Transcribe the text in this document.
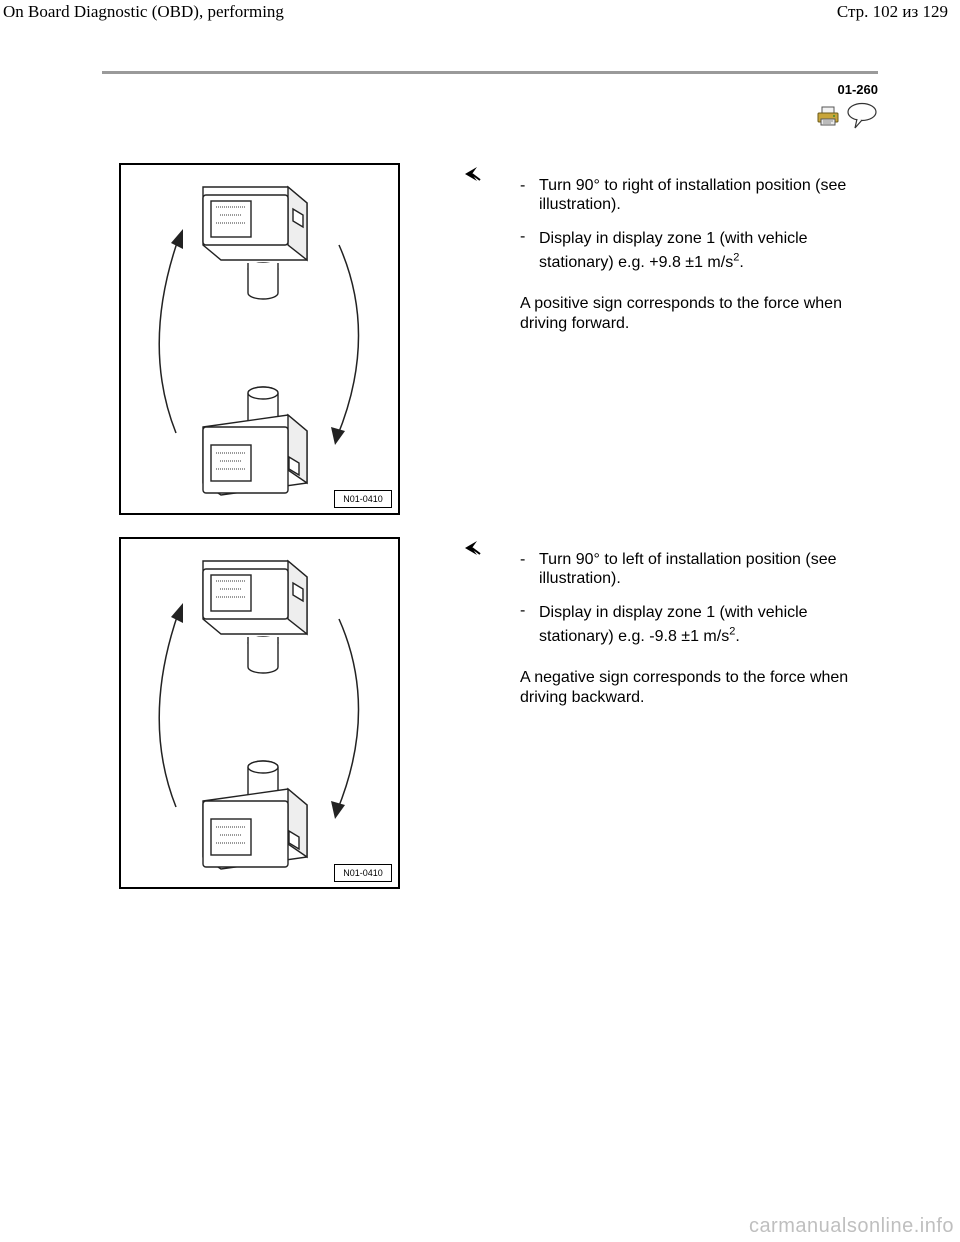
On Board Diagnostic (OBD), performing	Стр. 102 из 129
01-260
N01-0410
- Turn 90° to right of installation position (see illustration).
- Display in display zone 1 (with vehicle stationary) e.g. +9.8 ±1 $m/s^2$.
A positive sign corresponds to the force when driving forward.
N01-0410
- Turn 90° to left of installation position (see illustration).
- Display in display zone 1 (with vehicle stationary) e.g. -9.8 ±1 $m/s^2$.
A negative sign corresponds to the force when driving backward.
carmanualsonline.info
